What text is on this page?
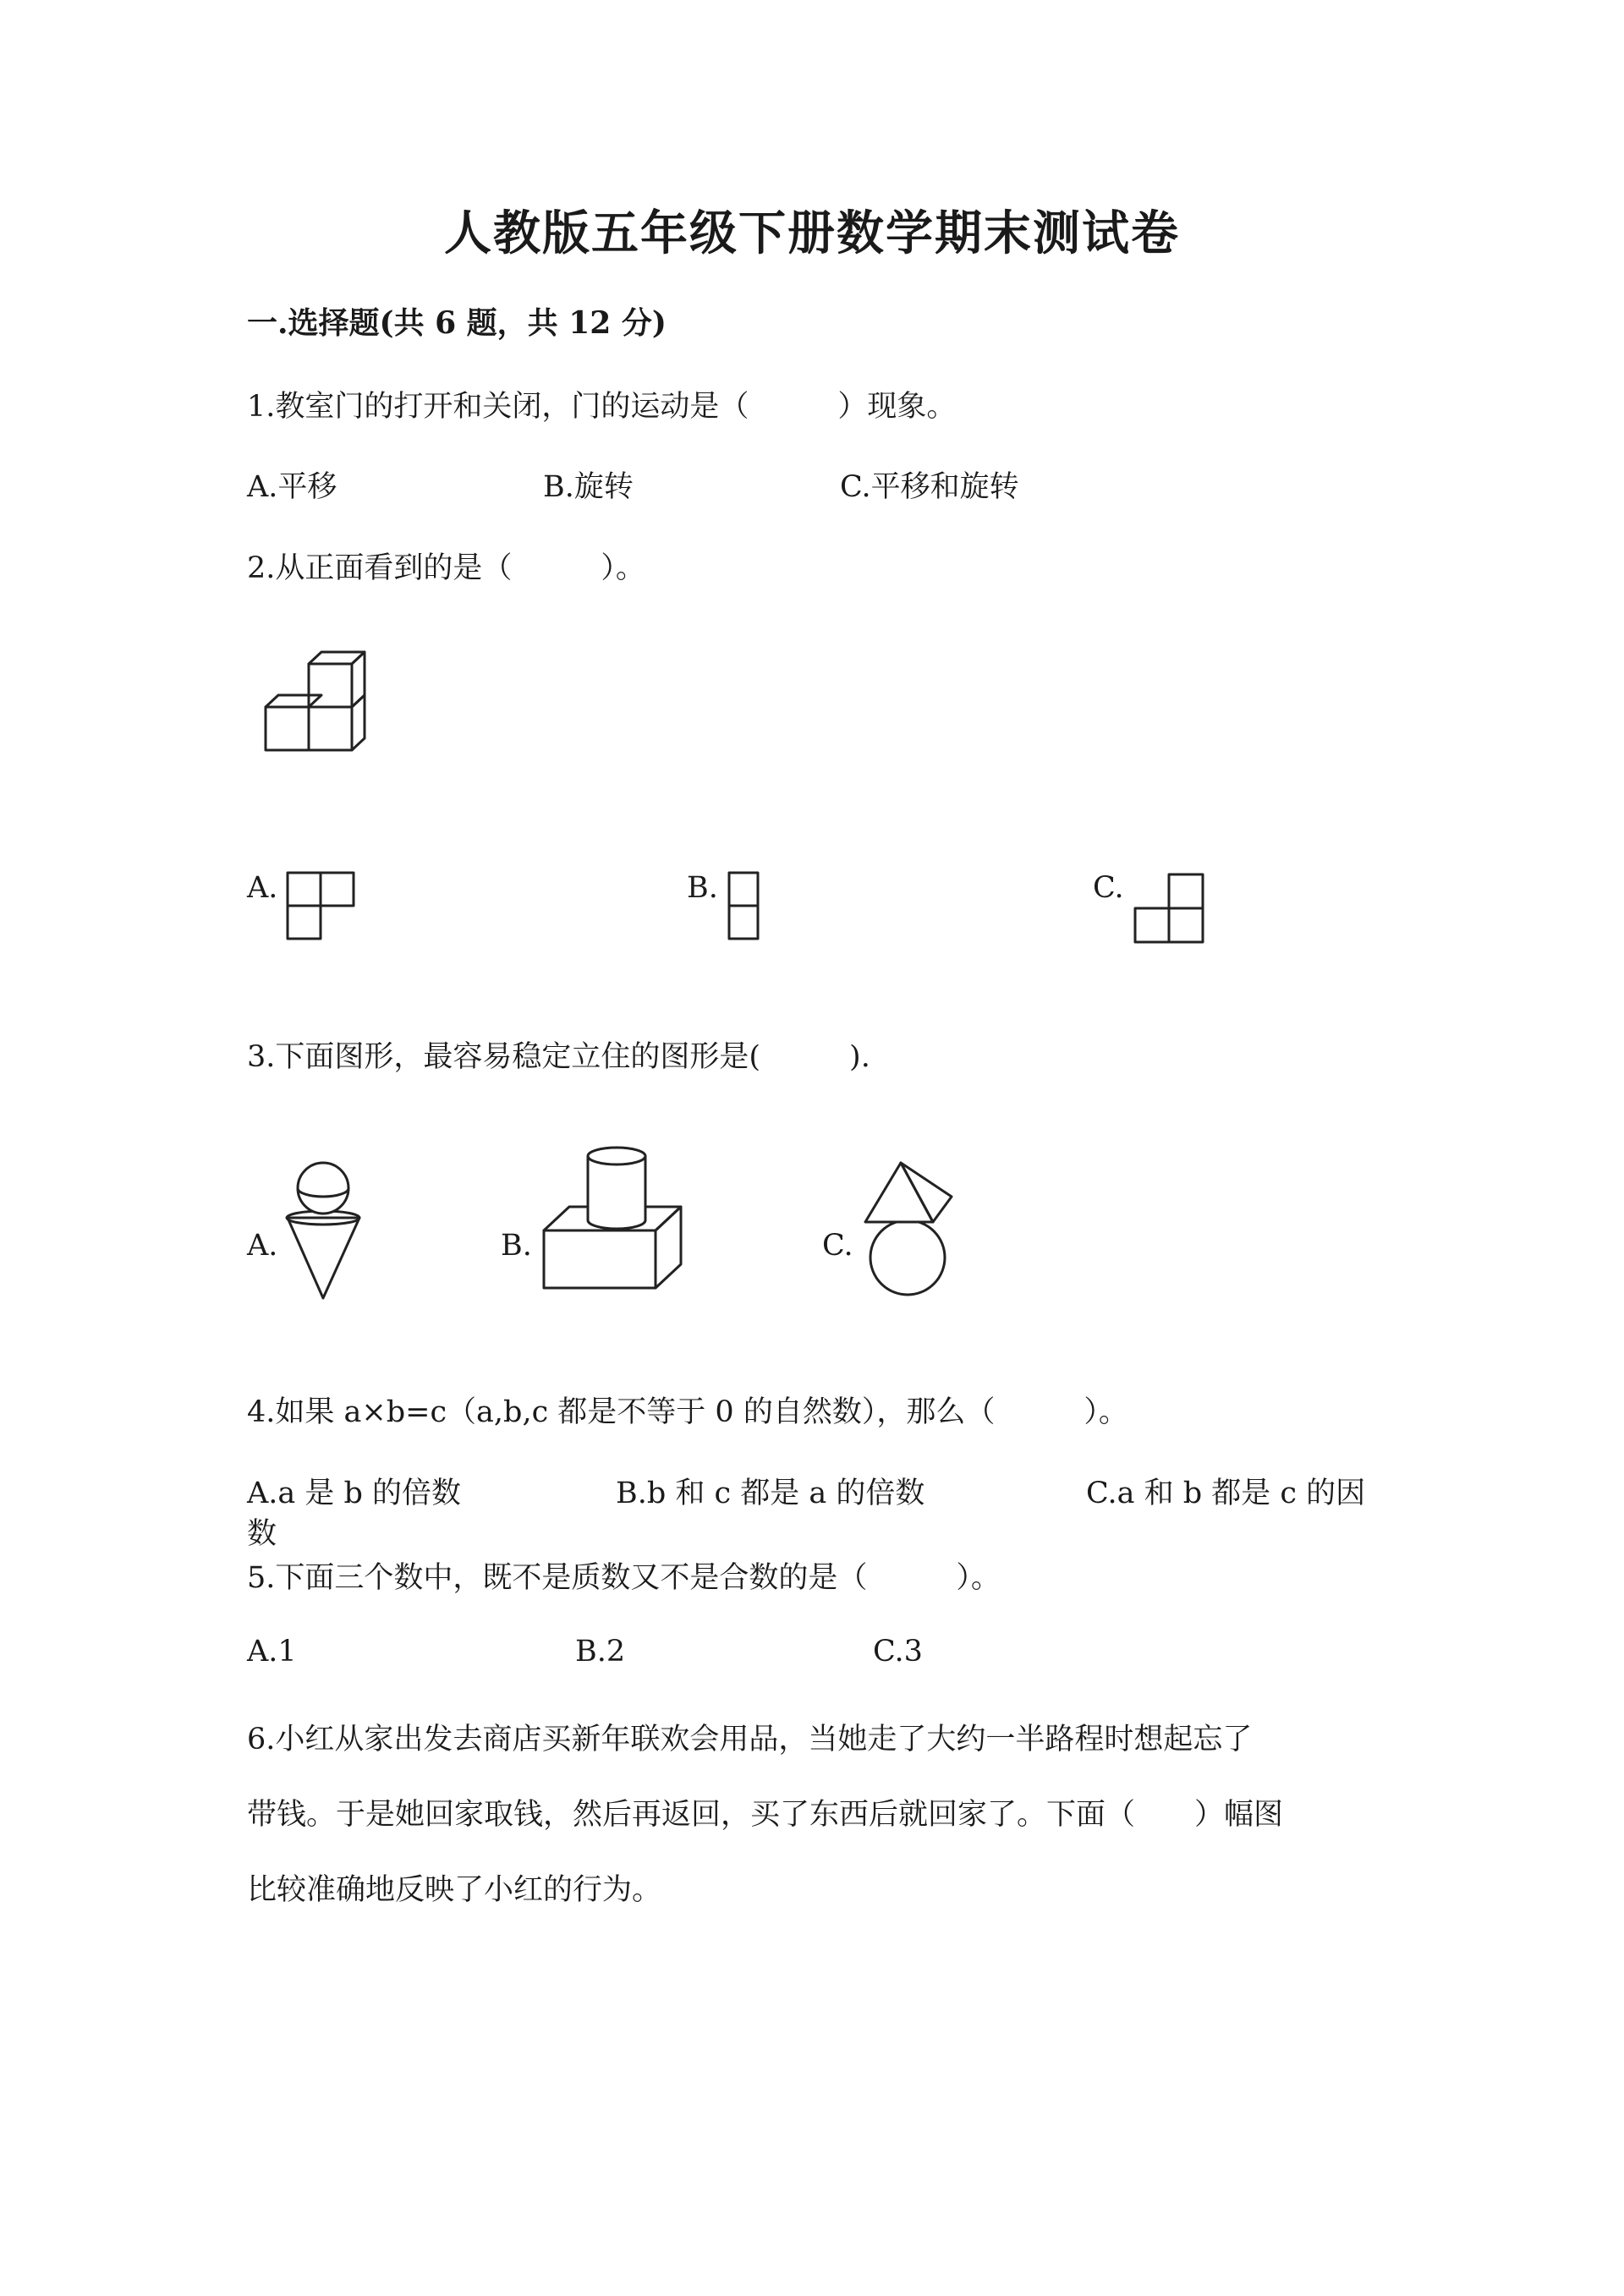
人教版五年级下册数学期末测试卷
一.选择题(共 6 题，共 12 分)
1.教室门的打开和关闭，门的运动是（　　　）现象。
A.平移	B.旋转	C.平移和旋转
2.从正面看到的是（　　　）。
A.	B.	C.
3.下面图形，最容易稳定立住的图形是(　　　).
A.	B.	C.
4.如果 a×b=c（a,b,c 都是不等于 0 的自然数），那么（　　　）。
A.a 是 b 的倍数	B.b 和 c 都是 a 的倍数	C.a 和 b 都是 c 的因
数
5.下面三个数中，既不是质数又不是合数的是（　　　）。
A.1	B.2	C.3
6.小红从家出发去商店买新年联欢会用品，当她走了大约一半路程时想起忘了
带钱。于是她回家取钱，然后再返回，买了东西后就回家了。下面（　　）幅图
比较准确地反映了小红的行为。
